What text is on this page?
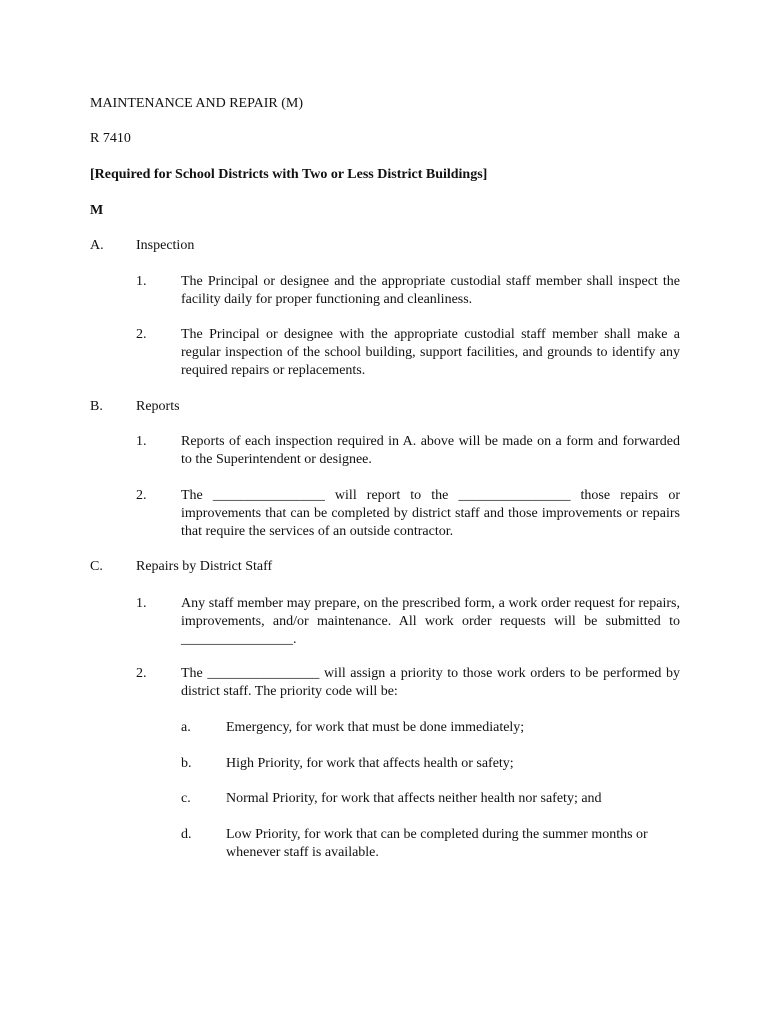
MAINTENANCE AND REPAIR (M)
R 7410
[Required for School Districts with Two or Less District Buildings]
M
A. Inspection
1. The Principal or designee and the appropriate custodial staff member shall inspect the facility daily for proper functioning and cleanliness.
2. The Principal or designee with the appropriate custodial staff member shall make a regular inspection of the school building, support facilities, and grounds to identify any required repairs or replacements.
B. Reports
1. Reports of each inspection required in A. above will be made on a form and forwarded to the Superintendent or designee.
2. The ________________ will report to the ________________ those repairs or improvements that can be completed by district staff and those improvements or repairs that require the services of an outside contractor.
C. Repairs by District Staff
1. Any staff member may prepare, on the prescribed form, a work order request for repairs, improvements, and/or maintenance. All work order requests will be submitted to ________________.
2. The ________________ will assign a priority to those work orders to be performed by district staff. The priority code will be:
a.	Emergency, for work that must be done immediately;
b. High Priority, for work that affects health or safety;
c.	Normal Priority, for work that affects neither health nor safety; and
d. Low Priority, for work that can be completed during the summer months or whenever staff is available.
